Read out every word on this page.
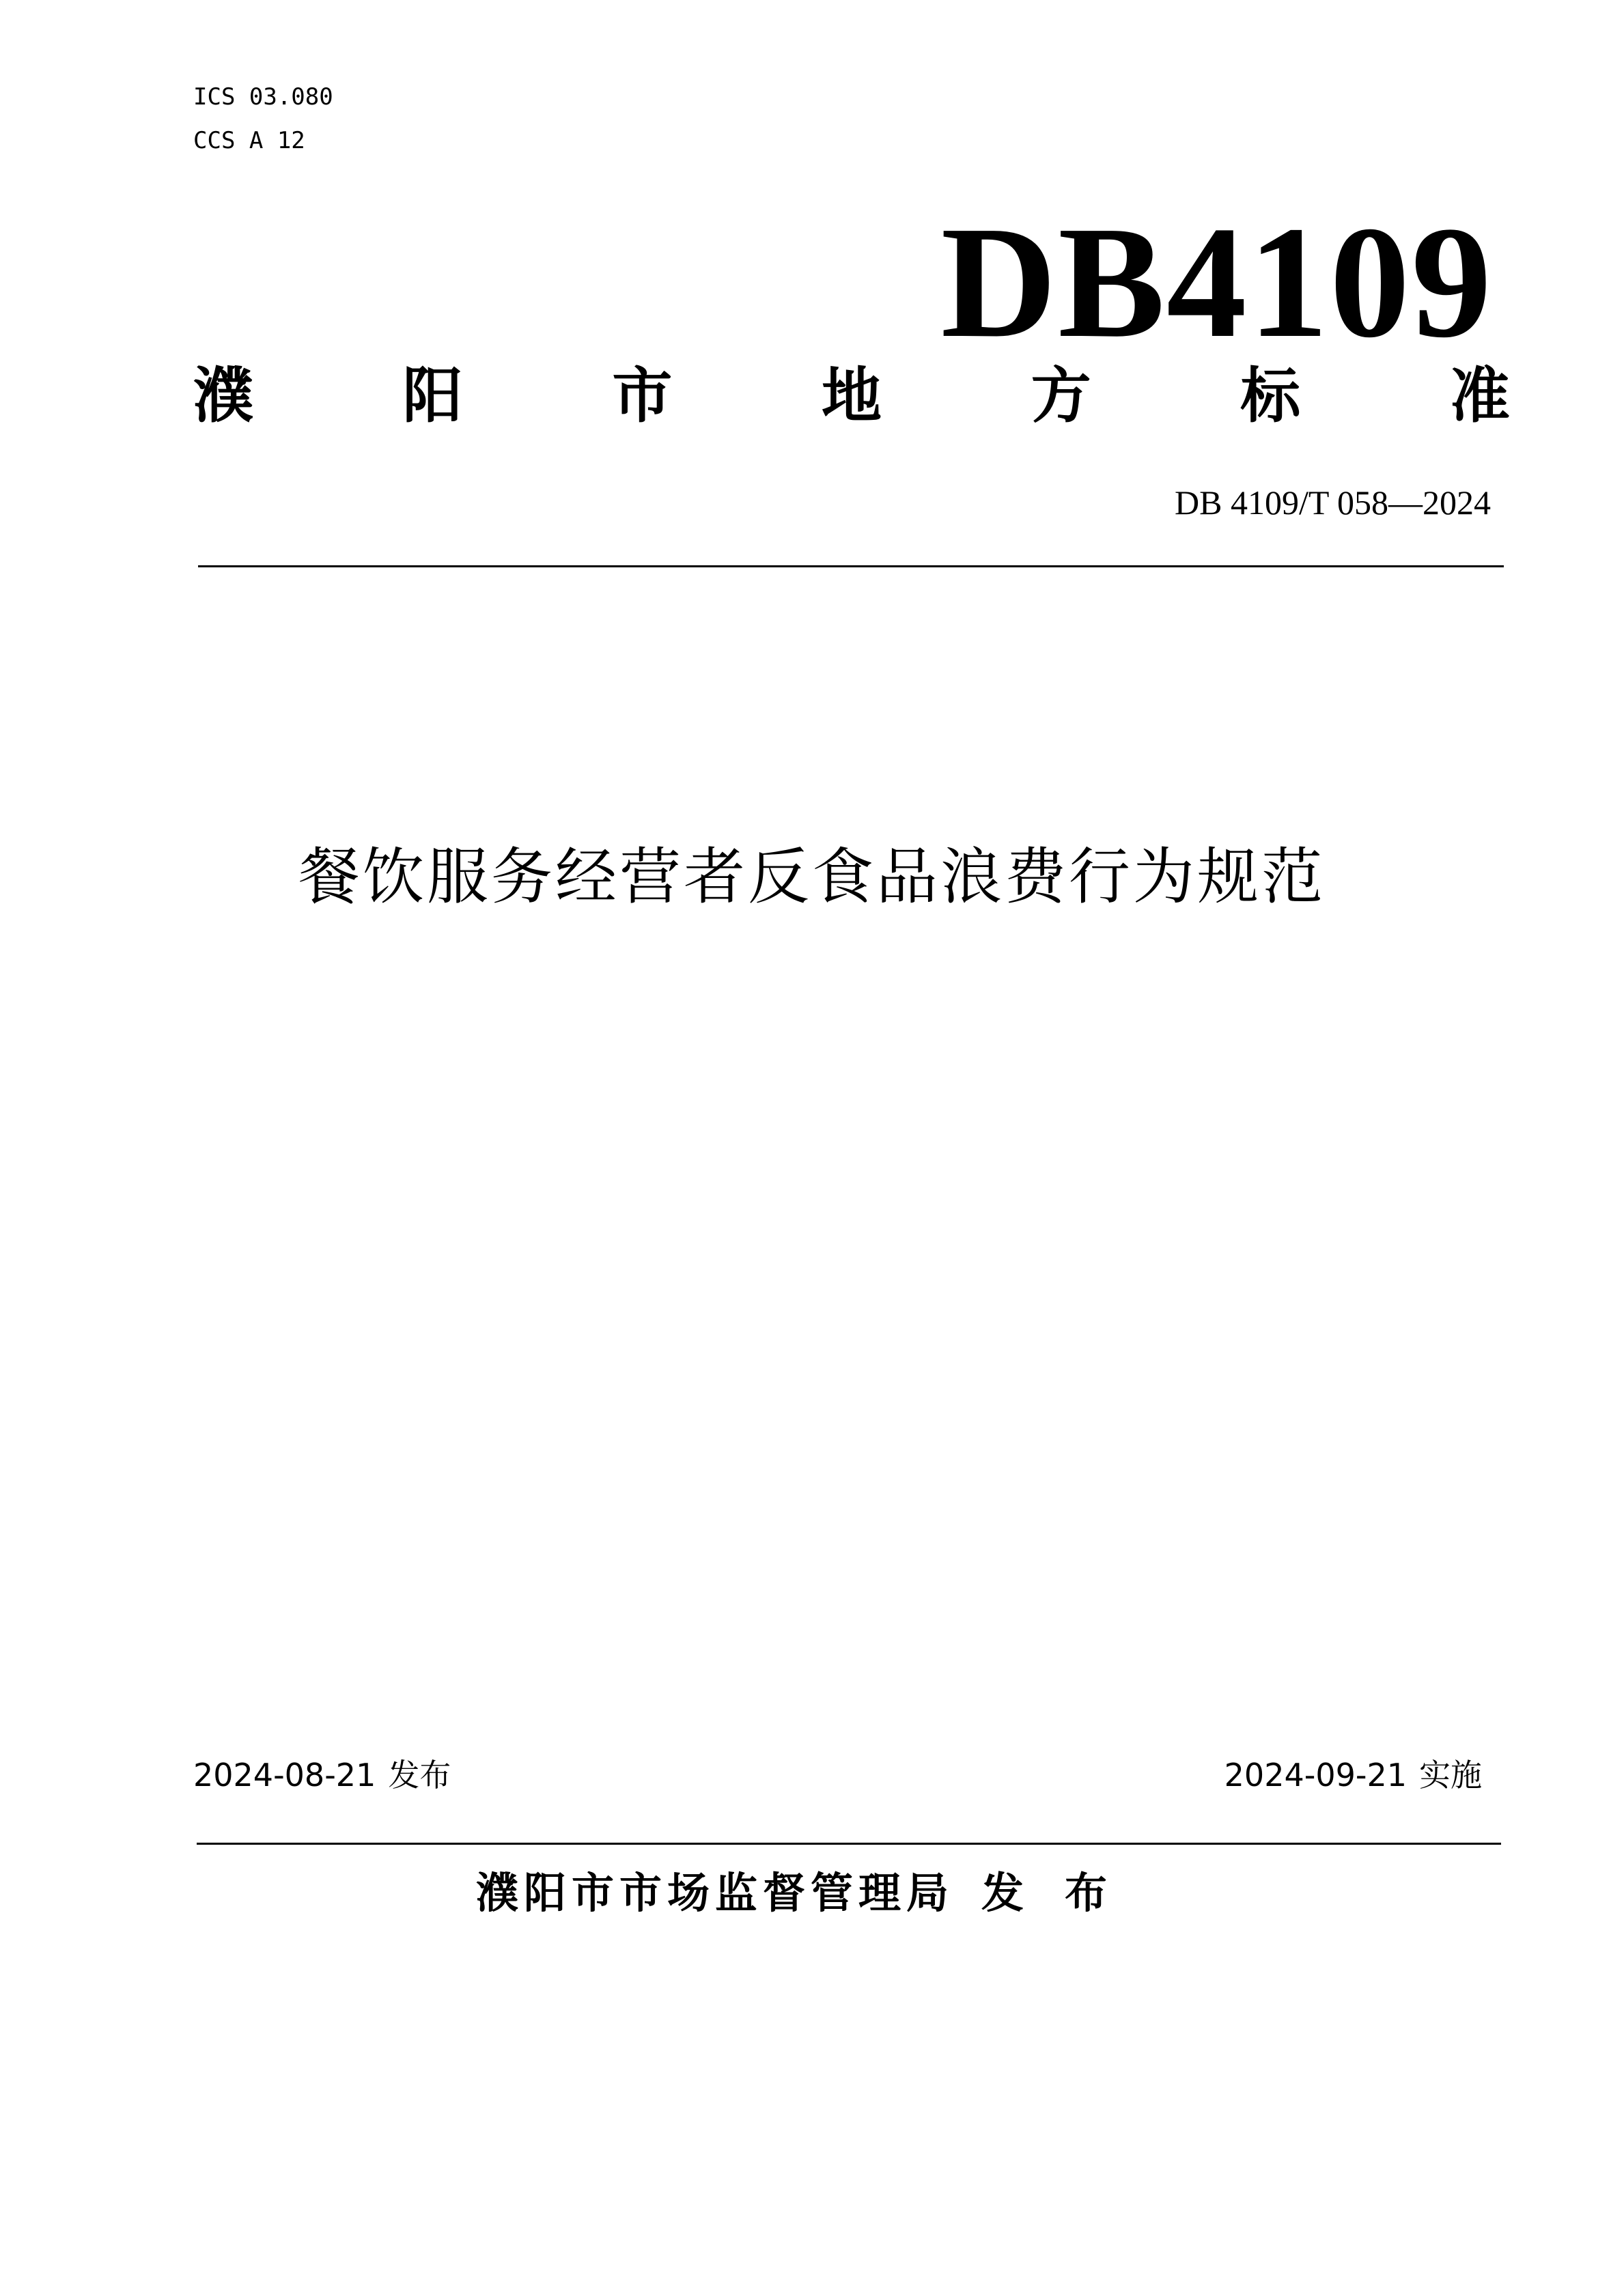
ICS 03.080
CCS A 12
DB4109
濮 阳 市 地 方 标 准
DB 4109/T 058—2024
餐饮服务经营者反食品浪费行为规范
2024-08-21 发布	2024-09-21 实施
濮阳市市场监督管理局 发布
